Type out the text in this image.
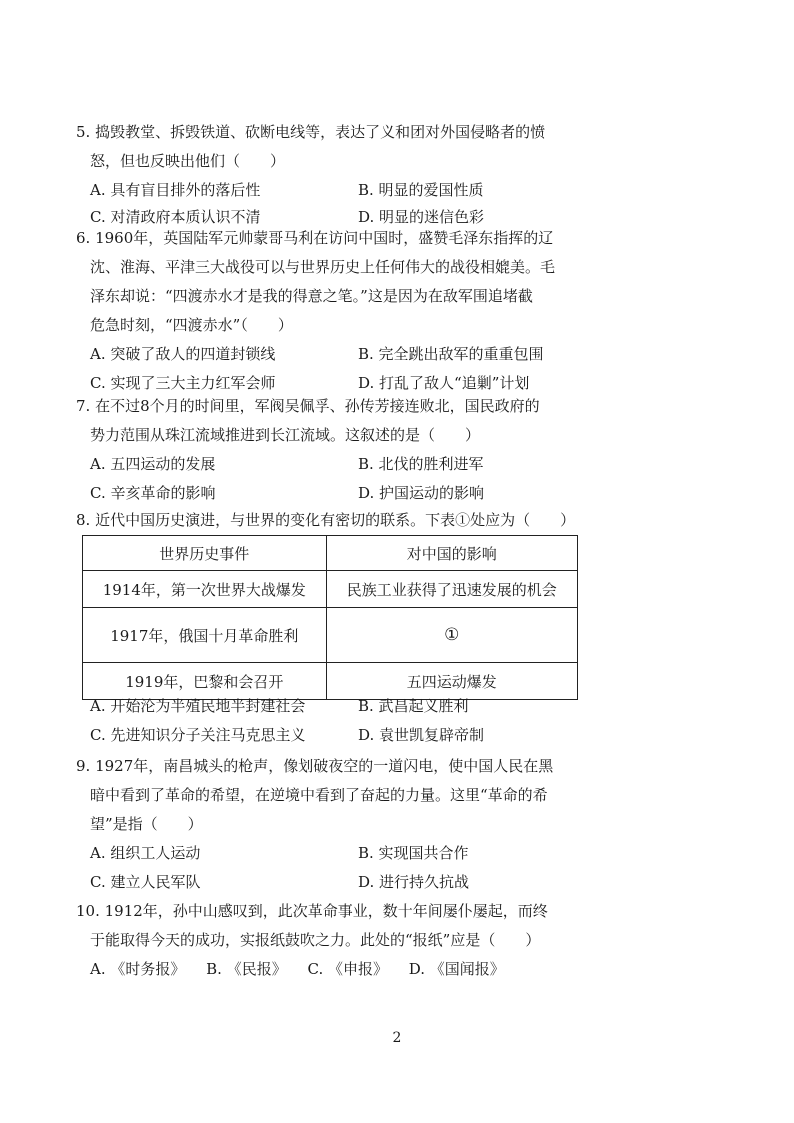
5. 捣毁教堂、拆毁铁道、砍断电线等，表达了义和团对外国侵略者的愤

怒，但也反映出他们（　　）

A. 具有盲目排外的落后性	B. 明显的爱国性质
C. 对清政府本质认识不清	D. 明显的迷信色彩

6. 1960年，英国陆军元帅蒙哥马利在访问中国时，盛赞毛泽东指挥的辽

沈、淮海、平津三大战役可以与世界历史上任何伟大的战役相媲美。毛

泽东却说：“四渡赤水才是我的得意之笔。”这是因为在敌军围追堵截

危急时刻，“四渡赤水”（　　）

A. 突破了敌人的四道封锁线	B. 完全跳出敌军的重重包围
C. 实现了三大主力红军会师	D. 打乱了敌人“追剿”计划

7. 在不过8个月的时间里，军阀吴佩孚、孙传芳接连败北，国民政府的

势力范围从珠江流域推进到长江流域。这叙述的是（　　）

A. 五四运动的发展	B. 北伐的胜利进军
C. 辛亥革命的影响	D. 护国运动的影响

8. 近代中国历史演进，与世界的变化有密切的联系。下表①处应为（　　）

世界历史事件	对中国的影响
1914年，第一次世界大战爆发	民族工业获得了迅速发展的机会
1917年，俄国十月革命胜利	①
1919年，巴黎和会召开	五四运动爆发
A. 开始沦为半殖民地半封建社会	B. 武昌起义胜利
C. 先进知识分子关注马克思主义	D. 袁世凯复辟帝制

9. 1927年，南昌城头的枪声，像划破夜空的一道闪电，使中国人民在黑

暗中看到了革命的希望，在逆境中看到了奋起的力量。这里“革命的希

望”是指（　　）

A. 组织工人运动	B. 实现国共合作
C. 建立人民军队	D. 进行持久抗战

10. 1912年，孙中山感叹到，此次革命事业，数十年间屡仆屡起，而终

于能取得今天的成功，实报纸鼓吹之力。此处的“报纸”应是（　　）

A. 《时务报》 B. 《民报》 C. 《申报》 D. 《国闻报》
2
